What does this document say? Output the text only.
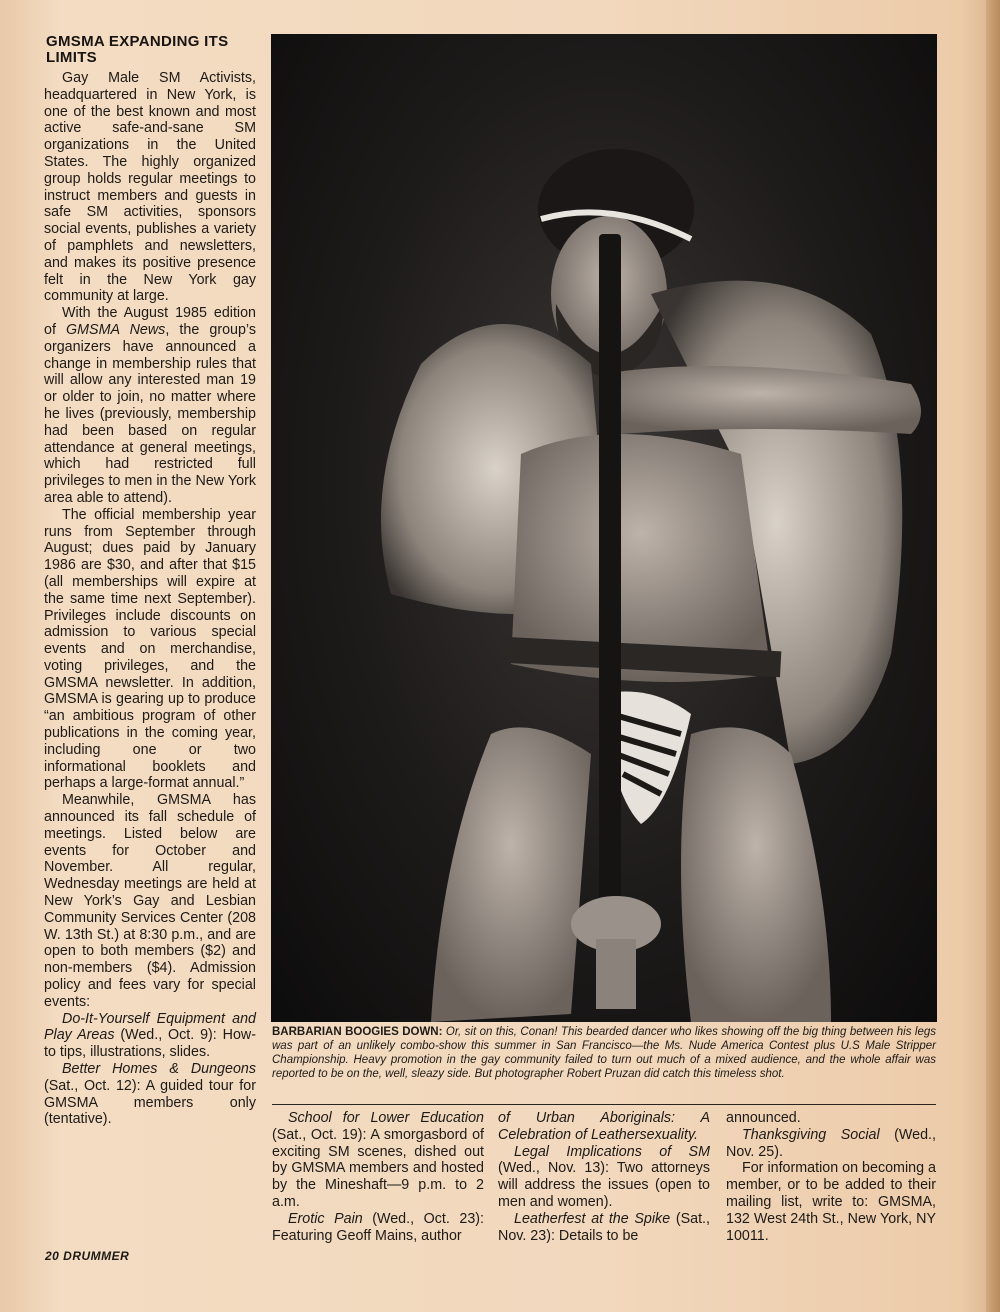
GMSMA EXPANDING ITS LIMITS

Gay Male SM Activists, headquartered in New York, is one of the best known and most active safe-and-sane SM organizations in the United States. The highly organized group holds regular meetings to instruct members and guests in safe SM activities, sponsors social events, publishes a variety of pamphlets and newsletters, and makes its positive presence felt in the New York gay community at large.

With the August 1985 edition of GMSMA News, the group’s organizers have announced a change in membership rules that will allow any interested man 19 or older to join, no matter where he lives (previously, membership had been based on regular attendance at general meetings, which had restricted full privileges to men in the New York area able to attend).

The official membership year runs from September through August; dues paid by January 1986 are $30, and after that $15 (all memberships will expire at the same time next September). Privileges include discounts on admission to various special events and on merchandise, voting privileges, and the GMSMA newsletter. In addition, GMSMA is gearing up to produce “an ambitious program of other publications in the coming year, including one or two informational booklets and perhaps a large-format annual.”

Meanwhile, GMSMA has announced its fall schedule of meetings. Listed below are events for October and November. All regular, Wednesday meetings are held at New York’s Gay and Lesbian Community Services Center (208 W. 13th St.) at 8:30 p.m., and are open to both members ($2) and non-members ($4). Admission policy and fees vary for special events:

Do-It-Yourself Equipment and Play Areas (Wed., Oct. 9): How-to tips, illustrations, slides.

Better Homes & Dungeons (Sat., Oct. 12): A guided tour for GMSMA members only (tentative).

BARBARIAN BOOGIES DOWN: Or, sit on this, Conan! This bearded dancer who likes showing off the big thing between his legs was part of an unlikely combo-show this summer in San Francisco—the Ms. Nude America Contest plus U.S Male Stripper Championship. Heavy promotion in the gay community failed to turn out much of a mixed audience, and the whole affair was reported to be on the, well, sleazy side. But photographer Robert Pruzan did catch this timeless shot.

School for Lower Education (Sat., Oct. 19): A smorgasbord of exciting SM scenes, dished out by GMSMA members and hosted by the Mineshaft—9 p.m. to 2 a.m.

Erotic Pain (Wed., Oct. 23): Featuring Geoff Mains, author

of Urban Aboriginals: A Celebration of Leathersexuality.

Legal Implications of SM (Wed., Nov. 13): Two attorneys will address the issues (open to men and women).

Leatherfest at the Spike (Sat., Nov. 23): Details to be

announced.

Thanksgiving Social (Wed., Nov. 25).

For information on becoming a member, or to be added to their mailing list, write to: GMSMA, 132 West 24th St., New York, NY 10011.

20 DRUMMER
